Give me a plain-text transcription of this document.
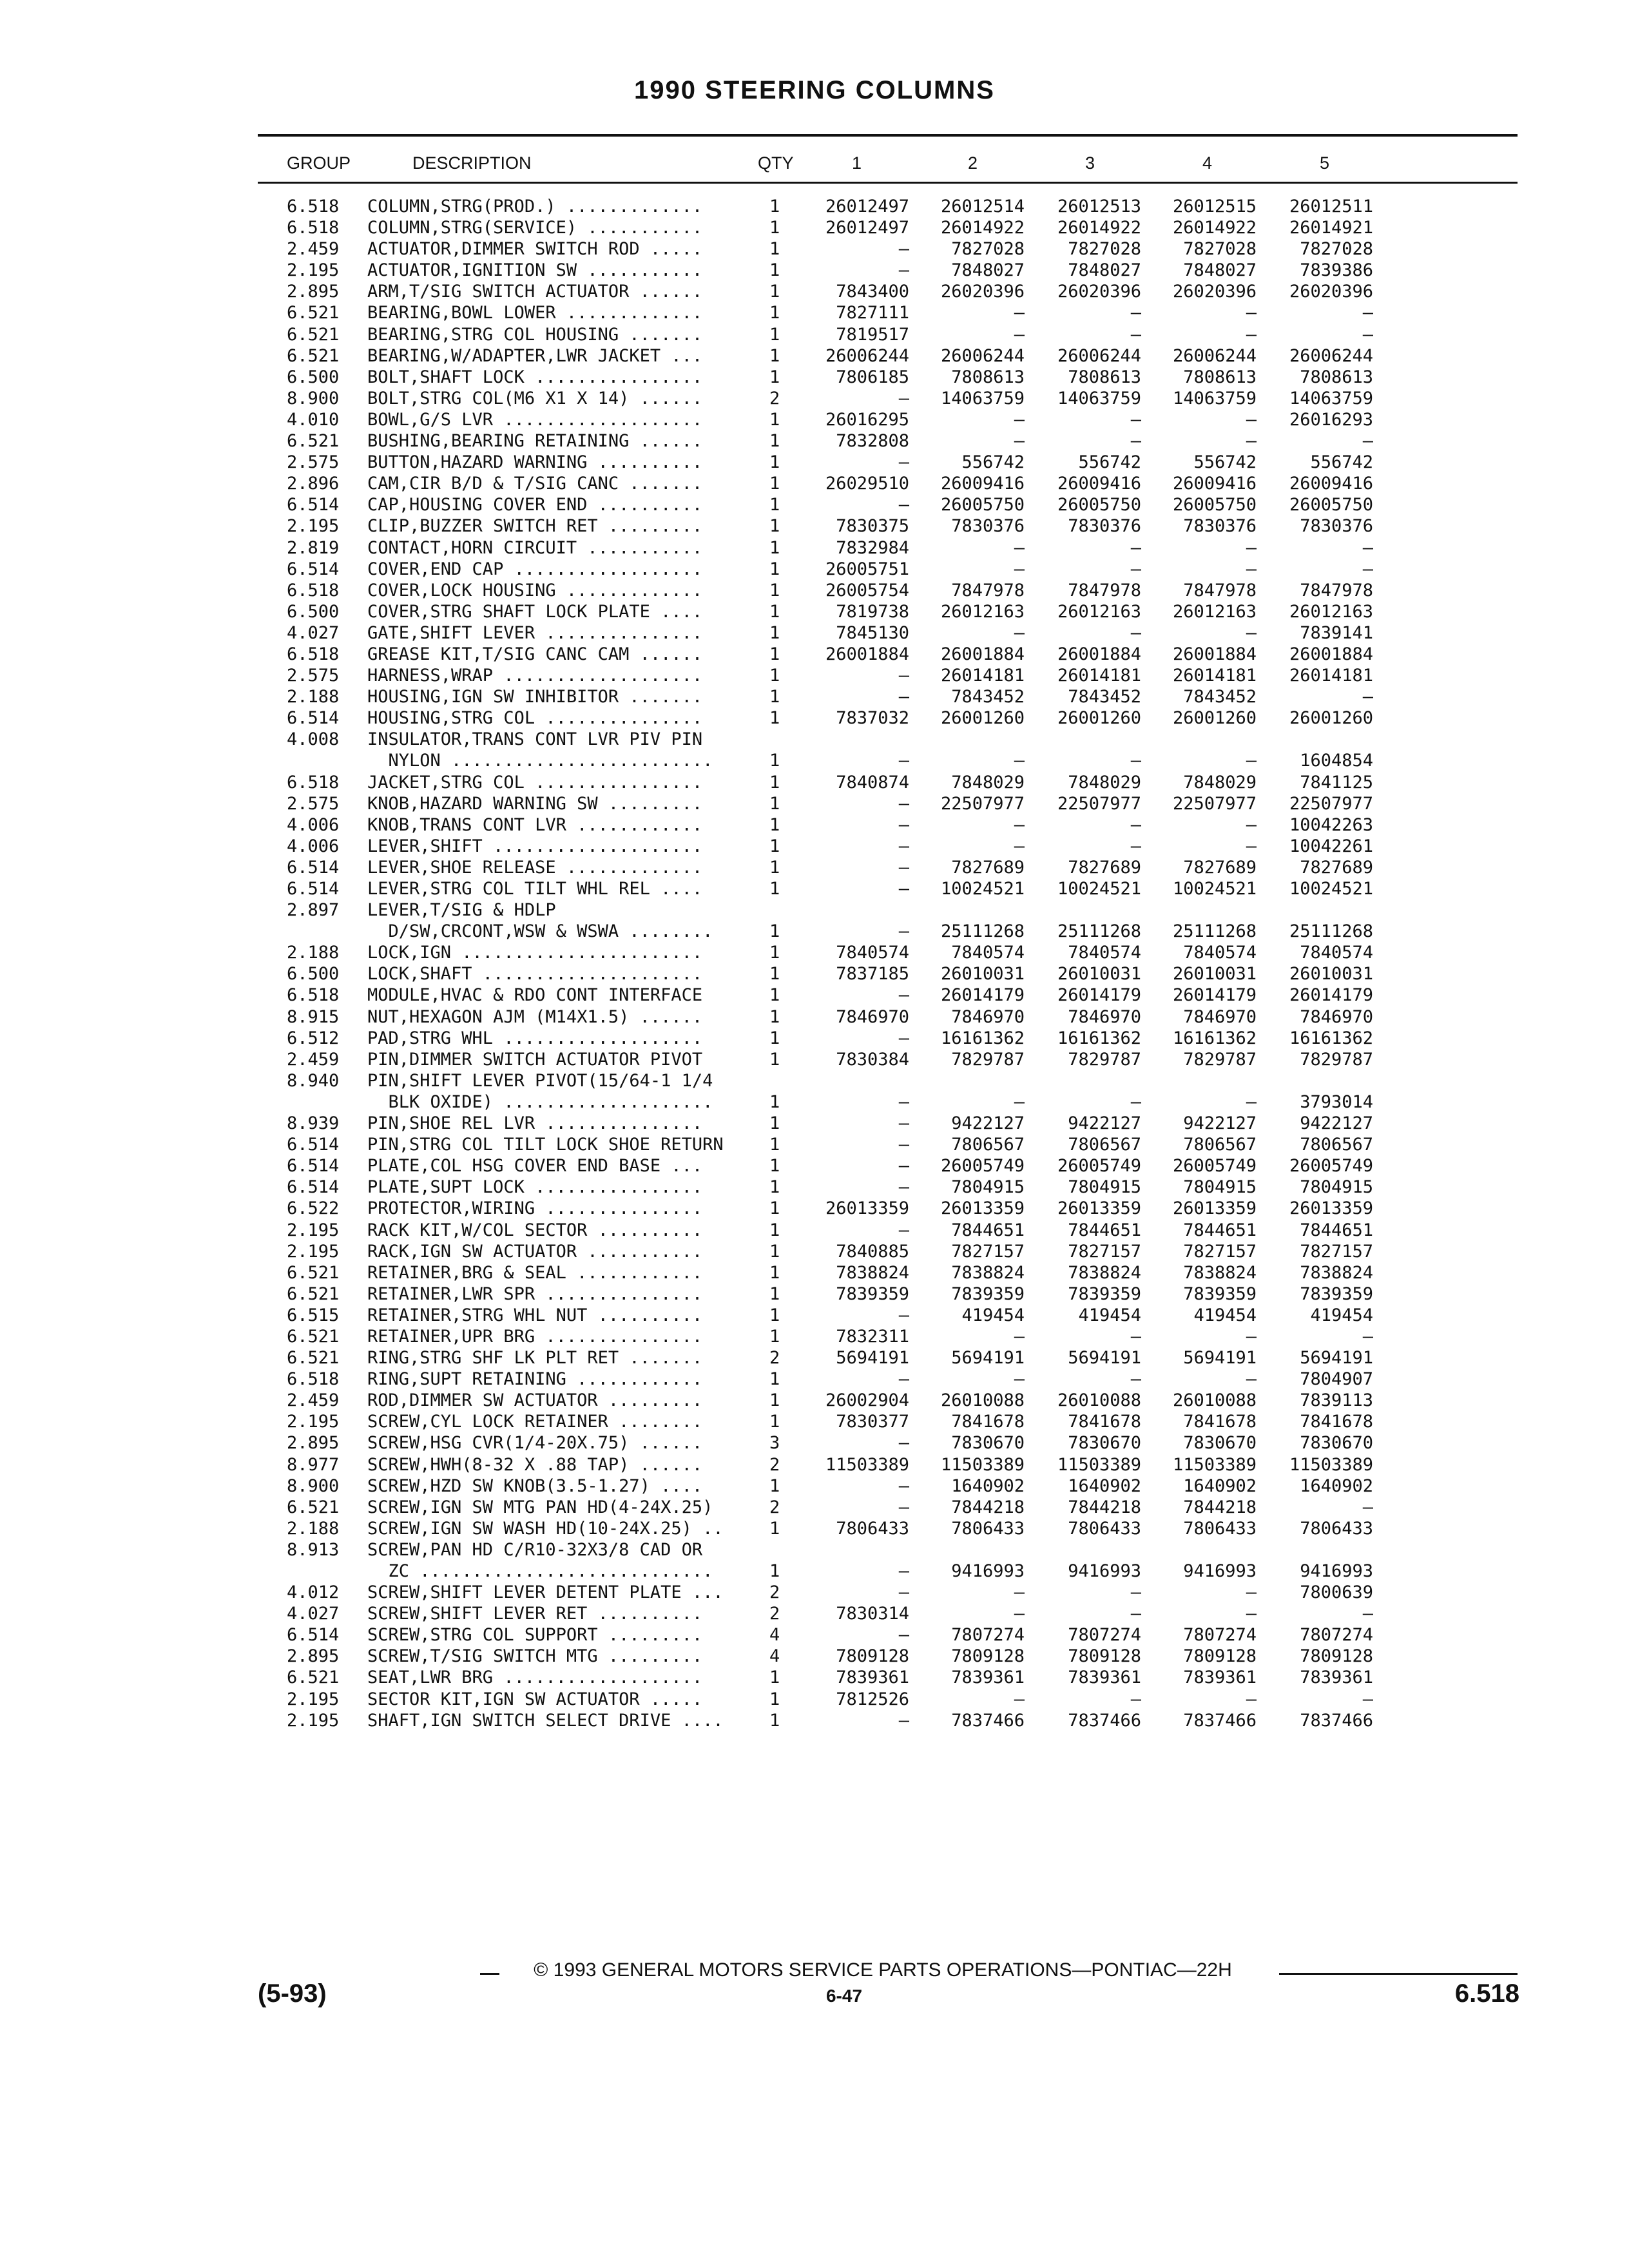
1990 STEERING COLUMNS
GROUP	DESCRIPTION	QTY	1	2	3	4	5
6.518 COLUMN,STRG(PROD.) .............	1	26012497	26012514	26012513	26012515	26012511
6.518 COLUMN,STRG(SERVICE) ...........	1	26012497	26014922	26014922	26014922	26014921
2.459 ACTUATOR,DIMMER SWITCH ROD .....	1	—	7827028	7827028	7827028	7827028
2.195 ACTUATOR,IGNITION SW ...........	1	—	7848027	7848027	7848027	7839386
2.895 ARM,T/SIG SWITCH ACTUATOR ......	1	7843400	26020396	26020396	26020396	26020396
6.521 BEARING,BOWL LOWER .............	1	7827111	—	—	—	—
6.521 BEARING,STRG COL HOUSING .......	1	7819517	—	—	—	—
6.521 BEARING,W/ADAPTER,LWR JACKET ...	1	26006244	26006244	26006244	26006244	26006244
6.500 BOLT,SHAFT LOCK ................	1	7806185	7808613	7808613	7808613	7808613
8.900 BOLT,STRG COL(M6 X1 X 14) ......	2	—	14063759	14063759	14063759	14063759
4.010 BOWL,G/S LVR ...................	1	26016295	—	—	—	26016293
6.521 BUSHING,BEARING RETAINING ......	1	7832808	—	—	—	—
2.575 BUTTON,HAZARD WARNING ..........	1	—	556742	556742	556742	556742
2.896 CAM,CIR B/D & T/SIG CANC .......	1	26029510	26009416	26009416	26009416	26009416
6.514 CAP,HOUSING COVER END ..........	1	—	26005750	26005750	26005750	26005750
2.195 CLIP,BUZZER SWITCH RET .........	1	7830375	7830376	7830376	7830376	7830376
2.819 CONTACT,HORN CIRCUIT ...........	1	7832984	—	—	—	—
6.514 COVER,END CAP ..................	1	26005751	—	—	—	—
6.518 COVER,LOCK HOUSING .............	1	26005754	7847978	7847978	7847978	7847978
6.500 COVER,STRG SHAFT LOCK PLATE ....	1	7819738	26012163	26012163	26012163	26012163
4.027 GATE,SHIFT LEVER ...............	1	7845130	—	—	—	7839141
6.518 GREASE KIT,T/SIG CANC CAM ......	1	26001884	26001884	26001884	26001884	26001884
2.575 HARNESS,WRAP ...................	1	—	26014181	26014181	26014181	26014181
2.188 HOUSING,IGN SW INHIBITOR .......	1	—	7843452	7843452	7843452	—
6.514 HOUSING,STRG COL ...............	1	7837032	26001260	26001260	26001260	26001260
4.008 INSULATOR,TRANS CONT LVR PIV PIN
NYLON .........................	1	—	—	—	—	1604854
6.518 JACKET,STRG COL ................	1	7840874	7848029	7848029	7848029	7841125
2.575 KNOB,HAZARD WARNING SW .........	1	—	22507977	22507977	22507977	22507977
4.006 KNOB,TRANS CONT LVR ............	1	—	—	—	—	10042263
4.006 LEVER,SHIFT ....................	1	—	—	—	—	10042261
6.514 LEVER,SHOE RELEASE .............	1	—	7827689	7827689	7827689	7827689
6.514 LEVER,STRG COL TILT WHL REL ....	1	—	10024521	10024521	10024521	10024521
2.897 LEVER,T/SIG & HDLP
D/SW,CRCONT,WSW & WSWA ........	1	—	25111268	25111268	25111268	25111268
2.188 LOCK,IGN .......................	1	7840574	7840574	7840574	7840574	7840574
6.500 LOCK,SHAFT .....................	1	7837185	26010031	26010031	26010031	26010031
6.518 MODULE,HVAC & RDO CONT INTERFACE	1	—	26014179	26014179	26014179	26014179
8.915 NUT,HEXAGON AJM (M14X1.5) ......	1	7846970	7846970	7846970	7846970	7846970
6.512 PAD,STRG WHL ...................	1	—	16161362	16161362	16161362	16161362
2.459 PIN,DIMMER SWITCH ACTUATOR PIVOT	1	7830384	7829787	7829787	7829787	7829787
8.940 PIN,SHIFT LEVER PIVOT(15/64-1 1/4
BLK OXIDE) ....................	1	—	—	—	—	3793014
8.939 PIN,SHOE REL LVR ...............	1	—	9422127	9422127	9422127	9422127
6.514 PIN,STRG COL TILT LOCK SHOE RETURN	1	—	7806567	7806567	7806567	7806567
6.514 PLATE,COL HSG COVER END BASE ...	1	—	26005749	26005749	26005749	26005749
6.514 PLATE,SUPT LOCK ................	1	—	7804915	7804915	7804915	7804915
6.522 PROTECTOR,WIRING ...............	1	26013359	26013359	26013359	26013359	26013359
2.195 RACK KIT,W/COL SECTOR ..........	1	—	7844651	7844651	7844651	7844651
2.195 RACK,IGN SW ACTUATOR ...........	1	7840885	7827157	7827157	7827157	7827157
6.521 RETAINER,BRG & SEAL ............	1	7838824	7838824	7838824	7838824	7838824
6.521 RETAINER,LWR SPR ...............	1	7839359	7839359	7839359	7839359	7839359
6.515 RETAINER,STRG WHL NUT ..........	1	—	419454	419454	419454	419454
6.521 RETAINER,UPR BRG ...............	1	7832311	—	—	—	—
6.521 RING,STRG SHF LK PLT RET .......	2	5694191	5694191	5694191	5694191	5694191
6.518 RING,SUPT RETAINING ............	1	—	—	—	—	7804907
2.459 ROD,DIMMER SW ACTUATOR .........	1	26002904	26010088	26010088	26010088	7839113
2.195 SCREW,CYL LOCK RETAINER ........	1	7830377	7841678	7841678	7841678	7841678
2.895 SCREW,HSG CVR(1/4-20X.75) ......	3	—	7830670	7830670	7830670	7830670
8.977 SCREW,HWH(8-32 X .88 TAP) ......	2	11503389	11503389	11503389	11503389	11503389
8.900 SCREW,HZD SW KNOB(3.5-1.27) ....	1	—	1640902	1640902	1640902	1640902
6.521 SCREW,IGN SW MTG PAN HD(4-24X.25)	2	—	7844218	7844218	7844218	—
2.188 SCREW,IGN SW WASH HD(10-24X.25) ..	1	7806433	7806433	7806433	7806433	7806433
8.913 SCREW,PAN HD C/R10-32X3/8 CAD OR
ZC ............................	1	—	9416993	9416993	9416993	9416993
4.012 SCREW,SHIFT LEVER DETENT PLATE ...	2	—	—	—	—	7800639
4.027 SCREW,SHIFT LEVER RET ..........	2	7830314	—	—	—	—
6.514 SCREW,STRG COL SUPPORT .........	4	—	7807274	7807274	7807274	7807274
2.895 SCREW,T/SIG SWITCH MTG .........	4	7809128	7809128	7809128	7809128	7809128
6.521 SEAT,LWR BRG ...................	1	7839361	7839361	7839361	7839361	7839361
2.195 SECTOR KIT,IGN SW ACTUATOR .....	1	7812526	—	—	—	—
2.195 SHAFT,IGN SWITCH SELECT DRIVE ....	1	—	7837466	7837466	7837466	7837466
© 1993 GENERAL MOTORS SERVICE PARTS OPERATIONS—PONTIAC—22H
6-47
(5-93)	6.518
